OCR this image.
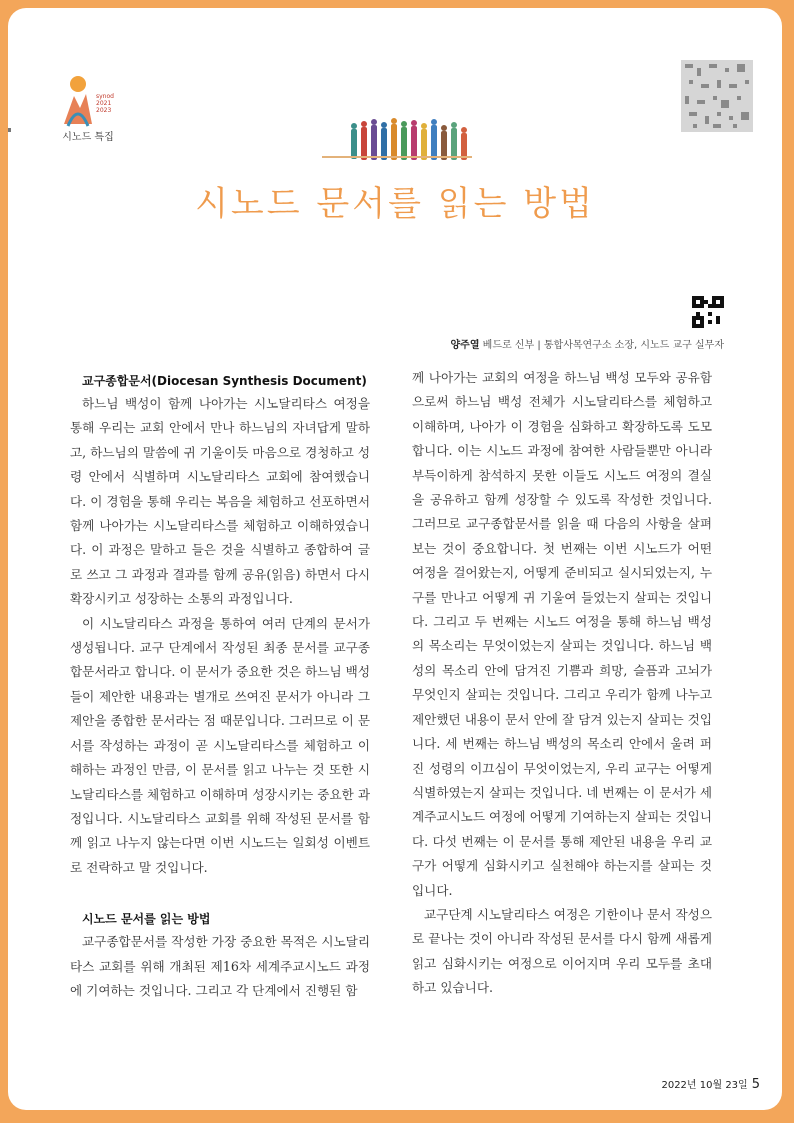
synod
2021
2023
시노드 특집
시노드 문서를 읽는 방법
양주열 베드로 신부 | 통합사목연구소 소장, 시노드 교구 실무자
교구종합문서(Diocesan Synthesis Document)

하느님 백성이 함께 나아가는 시노달리타스 여정을 통해 우리는 교회 안에서 만나 하느님의 자녀답게 말하고, 하느님의 말씀에 귀 기울이듯 마음으로 경청하고 성령 안에서 식별하며 시노달리타스 교회에 참여했습니다. 이 경험을 통해 우리는 복음을 체험하고 선포하면서 함께 나아가는 시노달리타스를 체험하고 이해하였습니다. 이 과정은 말하고 들은 것을 식별하고 종합하여 글로 쓰고 그 과정과 결과를 함께 공유(읽음) 하면서 다시 확장시키고 성장하는 소통의 과정입니다.

이 시노달리타스 과정을 통하여 여러 단계의 문서가 생성됩니다. 교구 단계에서 작성된 최종 문서를 교구종합문서라고 합니다. 이 문서가 중요한 것은 하느님 백성들이 제안한 내용과는 별개로 쓰여진 문서가 아니라 그 제안을 종합한 문서라는 점 때문입니다. 그러므로 이 문서를 작성하는 과정이 곧 시노달리타스를 체험하고 이해하는 과정인 만큼, 이 문서를 읽고 나누는 것 또한 시노달리타스를 체험하고 이해하며 성장시키는 중요한 과정입니다. 시노달리타스 교회를 위해 작성된 문서를 함께 읽고 나누지 않는다면 이번 시노드는 일회성 이벤트로 전락하고 말 것입니다.

시노드 문서를 읽는 방법

교구종합문서를 작성한 가장 중요한 목적은 시노달리타스 교회를 위해 개최된 제16차 세계주교시노드 과정에 기여하는 것입니다. 그리고 각 단계에서 진행된 함

께 나아가는 교회의 여정을 하느님 백성 모두와 공유함으로써 하느님 백성 전체가 시노달리타스를 체험하고 이해하며, 나아가 이 경험을 심화하고 확장하도록 도모합니다. 이는 시노드 과정에 참여한 사람들뿐만 아니라 부득이하게 참석하지 못한 이들도 시노드 여정의 결실을 공유하고 함께 성장할 수 있도록 작성한 것입니다. 그러므로 교구종합문서를 읽을 때 다음의 사항을 살펴보는 것이 중요합니다. 첫 번째는 이번 시노드가 어떤 여정을 걸어왔는지, 어떻게 준비되고 실시되었는지, 누구를 만나고 어떻게 귀 기울여 들었는지 살피는 것입니다. 그리고 두 번째는 시노드 여정을 통해 하느님 백성의 목소리는 무엇이었는지 살피는 것입니다. 하느님 백성의 목소리 안에 담겨진 기쁨과 희망, 슬픔과 고뇌가 무엇인지 살피는 것입니다. 그리고 우리가 함께 나누고 제안했던 내용이 문서 안에 잘 담겨 있는지 살피는 것입니다. 세 번째는 하느님 백성의 목소리 안에서 울려 퍼진 성령의 이끄심이 무엇이었는지, 우리 교구는 어떻게 식별하였는지 살피는 것입니다. 네 번째는 이 문서가 세계주교시노드 여정에 어떻게 기여하는지 살피는 것입니다. 다섯 번째는 이 문서를 통해 제안된 내용을 우리 교구가 어떻게 심화시키고 실천해야 하는지를 살피는 것입니다.

교구단계 시노달리타스 여정은 기한이나 문서 작성으로 끝나는 것이 아니라 작성된 문서를 다시 함께 새롭게 읽고 심화시키는 여정으로 이어지며 우리 모두를 초대하고 있습니다.

2022년 10월 23일 5
